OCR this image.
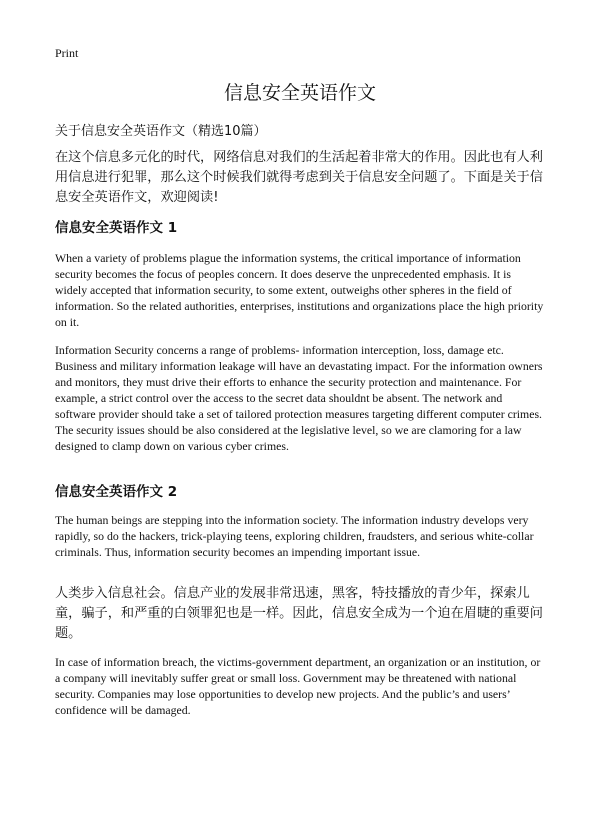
Print
信息安全英语作文
关于信息安全英语作文（精选10篇）

在这个信息多元化的时代，网络信息对我们的生活起着非常大的作用。因此也有人利用信息进行犯罪，那么这个时候我们就得考虑到关于信息安全问题了。下面是关于信息安全英语作文，欢迎阅读!

信息安全英语作文 1

When a variety of problems plague the information systems, the critical importance of information security becomes the focus of peoples concern. It does deserve the unprecedented emphasis. It is widely accepted that information security, to some extent, outweighs other spheres in the field of information. So the related authorities, enterprises, institutions and organizations place the high priority on it.

Information Security concerns a range of problems- information interception, loss, damage etc. Business and military information leakage will have an devastating impact. For the information owners and monitors, they must drive their efforts to enhance the security protection and maintenance. For example, a strict control over the access to the secret data shouldnt be absent. The network and software provider should take a set of tailored protection measures targeting different computer crimes. The security issues should be also considered at the legislative level, so we are clamoring for a law designed to clamp down on various cyber crimes.

信息安全英语作文 2

The human beings are stepping into the information society. The information industry develops very rapidly, so do the hackers, trick-playing teens, exploring children, fraudsters, and serious white-collar criminals. Thus, information security becomes an impending important issue.

人类步入信息社会。信息产业的发展非常迅速，黑客，特技播放的青少年，探索儿童，骗子，和严重的白领罪犯也是一样。因此，信息安全成为一个迫在眉睫的重要问题。

In case of information breach, the victims-government department, an organization or an institution, or a company will inevitably suffer great or small loss. Government may be threatened with national security. Companies may lose opportunities to develop new projects. And the public’s and users’ confidence will be damaged.
